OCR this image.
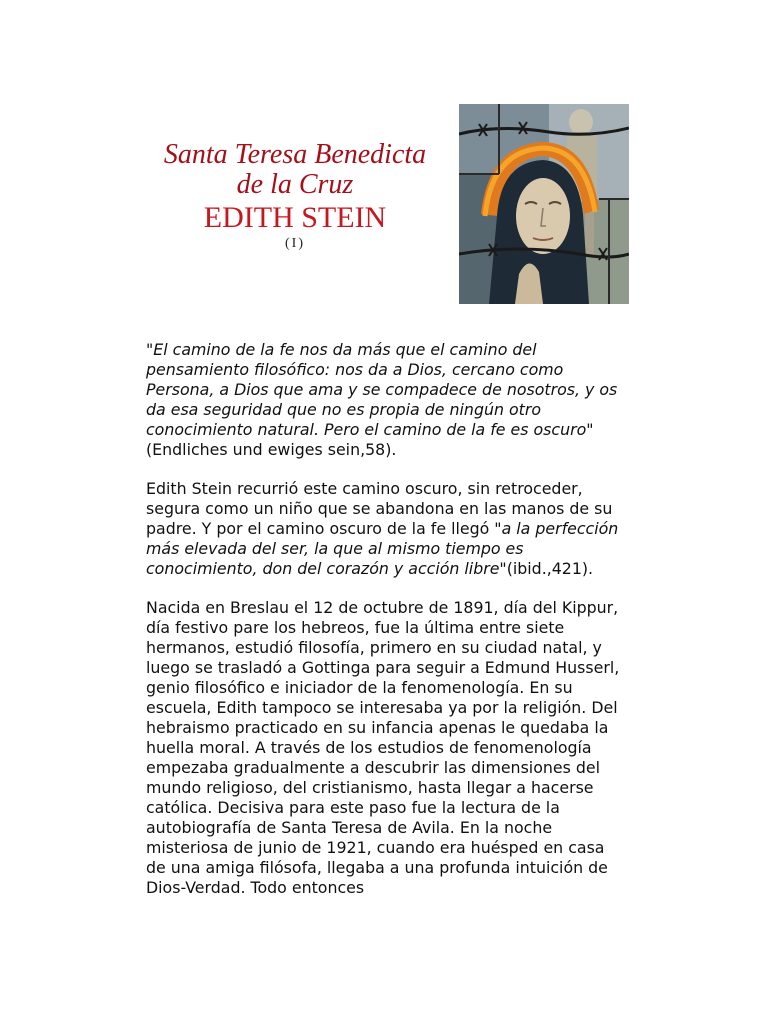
Santa Teresa Benedicta
de la Cruz
EDITH STEIN
(I)

"El camino de la fe nos da más que el camino del pensamiento filosófico: nos da a Dios, cercano como Persona, a Dios que ama y se compadece de nosotros, y os da esa seguridad que no es propia de ningún otro conocimiento natural. Pero el camino de la fe es oscuro"(Endliches und ewiges sein,58).

Edith Stein recurrió este camino oscuro, sin retroceder, segura como un niño que se abandona en las manos de su padre. Y por el camino oscuro de la fe llegó "a la perfección más elevada del ser, la que al mismo tiempo es conocimiento, don del corazón y acción libre"(ibid.,421).

Nacida en Breslau el 12 de octubre de 1891, día del Kippur, día festivo pare los hebreos, fue la última entre siete hermanos, estudió filosofía, primero en su ciudad natal, y luego se trasladó a Gottinga para seguir a Edmund Husserl, genio filosófico e iniciador de la fenomenología. En su escuela, Edith tampoco se interesaba ya por la religión. Del hebraismo practicado en su infancia apenas le quedaba la huella moral. A través de los estudios de fenomenología empezaba gradualmente a descubrir las dimensiones del mundo religioso, del cristianismo, hasta llegar a hacerse católica. Decisiva para este paso fue la lectura de la autobiografía de Santa Teresa de Avila. En la noche misteriosa de junio de 1921, cuando era huésped en casa de una amiga filósofa, llegaba a una profunda intuición de Dios-Verdad. Todo entonces
